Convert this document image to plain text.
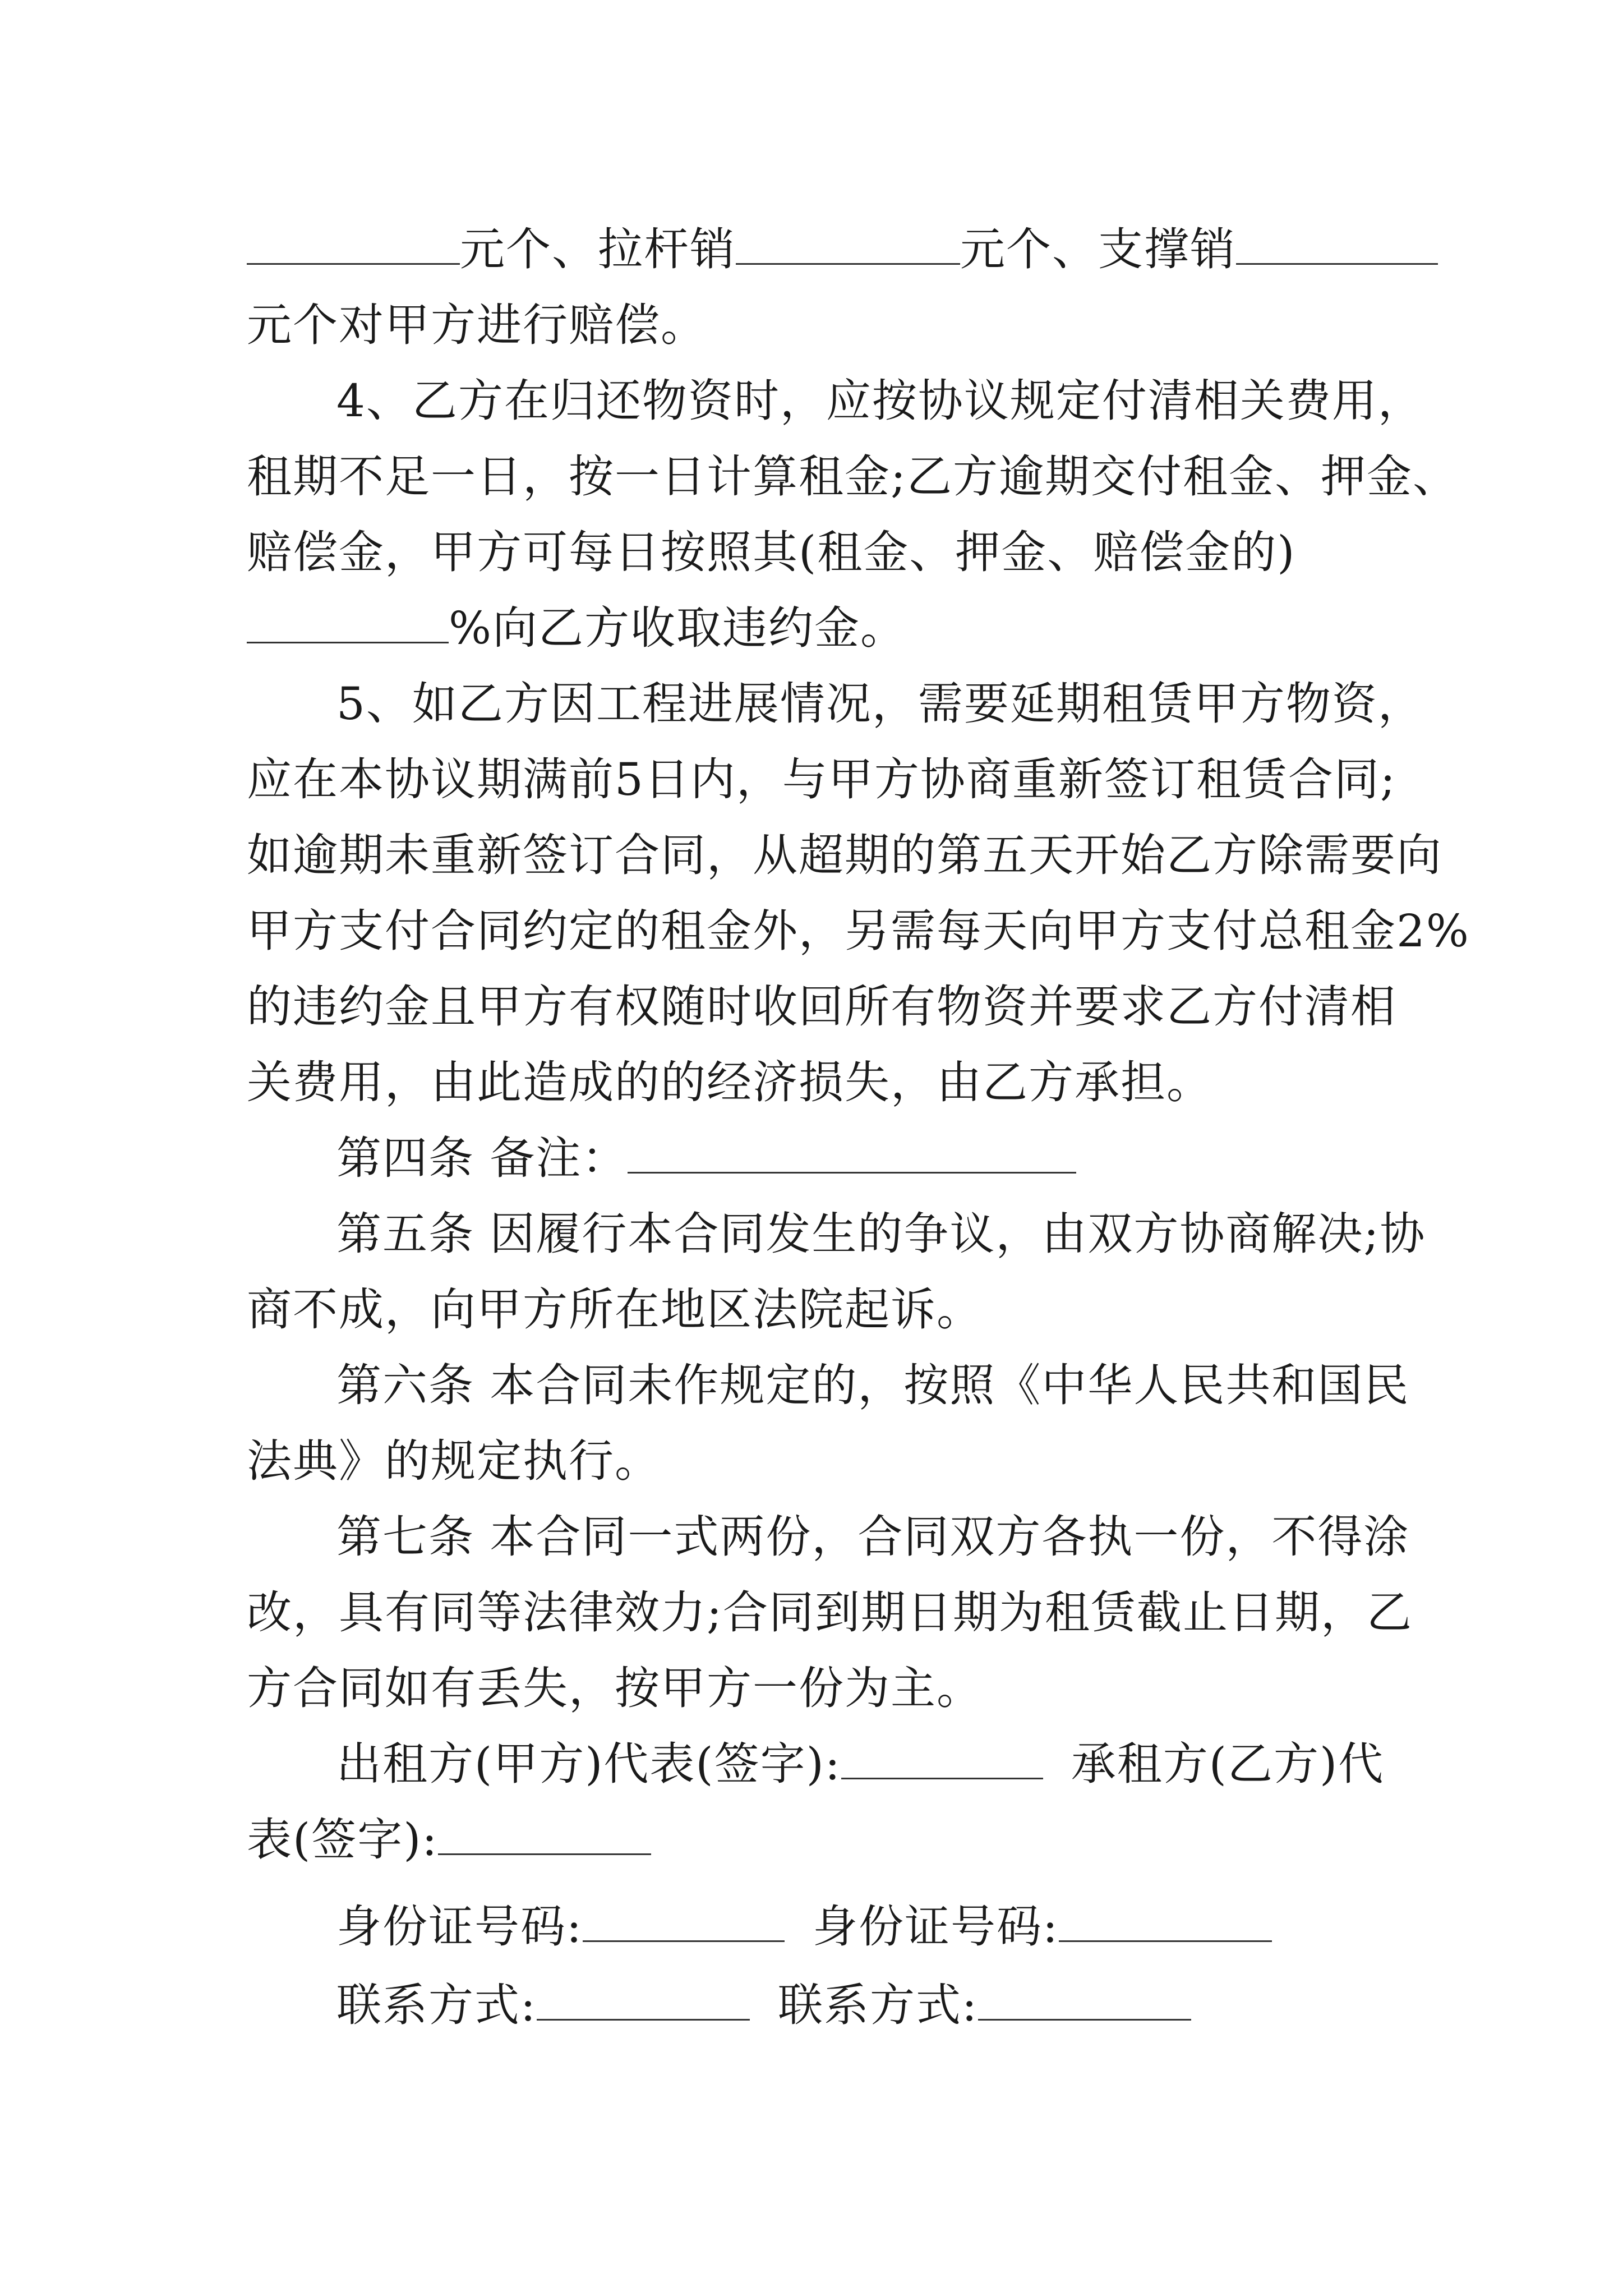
元个、拉杆销	元个、支撑销
元个对甲方进行赔偿。
4、乙方在归还物资时，应按协议规定付清相关费用，
租期不足一日，按一日计算租金;乙方逾期交付租金、押金、
赔偿金，甲方可每日按照其(租金、押金、赔偿金的)
%向乙方收取违约金。
5、如乙方因工程进展情况，需要延期租赁甲方物资，
应在本协议期满前5日内，与甲方协商重新签订租赁合同;
如逾期未重新签订合同，从超期的第五天开始乙方除需要向
甲方支付合同约定的租金外，另需每天向甲方支付总租金2%
的违约金且甲方有权随时收回所有物资并要求乙方付清相
关费用，由此造成的的经济损失，由乙方承担。
第四条 备注：
第五条 因履行本合同发生的争议，由双方协商解决;协
商不成，向甲方所在地区法院起诉。
第六条 本合同未作规定的，按照《中华人民共和国民
法典》的规定执行。
第七条 本合同一式两份，合同双方各执一份，不得涂
改，具有同等法律效力;合同到期日期为租赁截止日期，乙
方合同如有丢失，按甲方一份为主。
出租方(甲方)代表(签字):	承租方(乙方)代
表(签字):
身份证号码:	身份证号码:
联系方式:	联系方式:
